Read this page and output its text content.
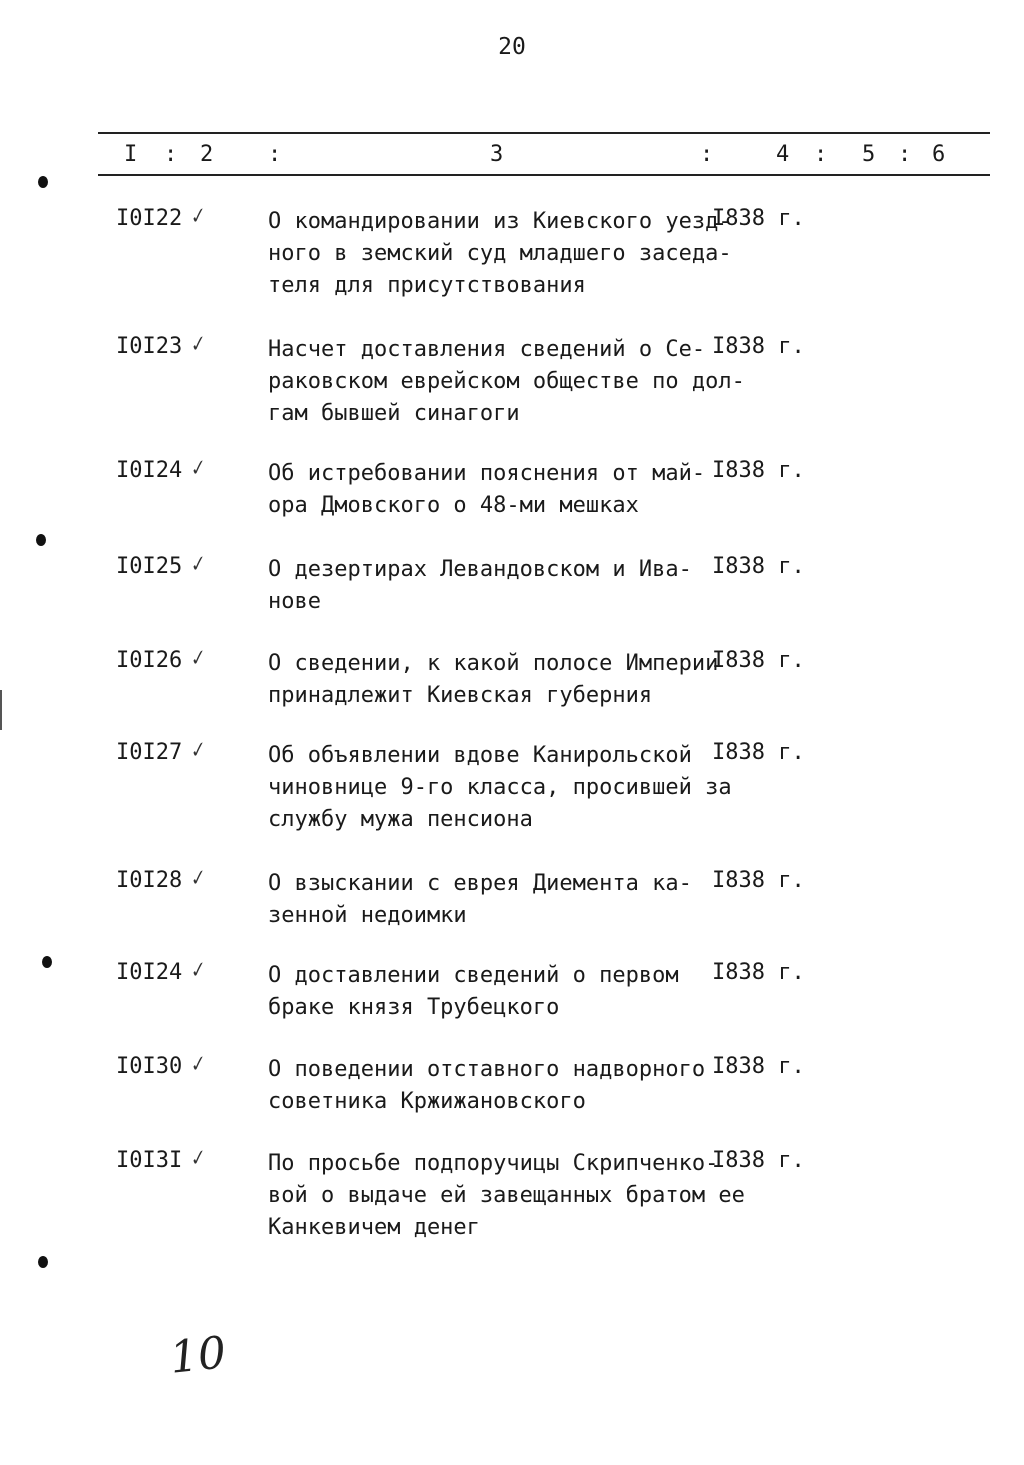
20
I : 2 :	3	:	4 : 5 : 6
I0I22 ✓	О командировании из Киевского уезд-
ного в земский суд младшего заседа-
теля для присутствования
I838 г.
I0I23 ✓	Насчет доставления сведений о Се-
раковском еврейском обществе по дол-
гам бывшей синагоги
I838 г.
I0I24 ✓	Об истребовании пояснения от май-
ора Дмовского о 48-ми мешках
I838 г.
I0I25 ✓	О дезертирах Левандовском и Ива-
нове
I838 г.
I0I26 ✓	О сведении, к какой полосе Империи
принадлежит Киевская губерния
I838 г.
I0I27 ✓	Об объявлении вдове Канирольской
чиновнице 9-го класса, просившей за
службу мужа пенсиона
I838 г.
I0I28 ✓	О взыскании с еврея Диемента ка-
зенной недоимки
I838 г.
I0I24 ✓	О доставлении сведений о первом
браке князя Трубецкого
I838 г.
I0I30 ✓	О поведении отставного надворного
советника Кржижановского
I838 г.
I0I3I ✓	По просьбе подпоручицы Скрипченко-
вой о выдаче ей завещанных братом ее
Канкевичем денег
I838 г.
10
